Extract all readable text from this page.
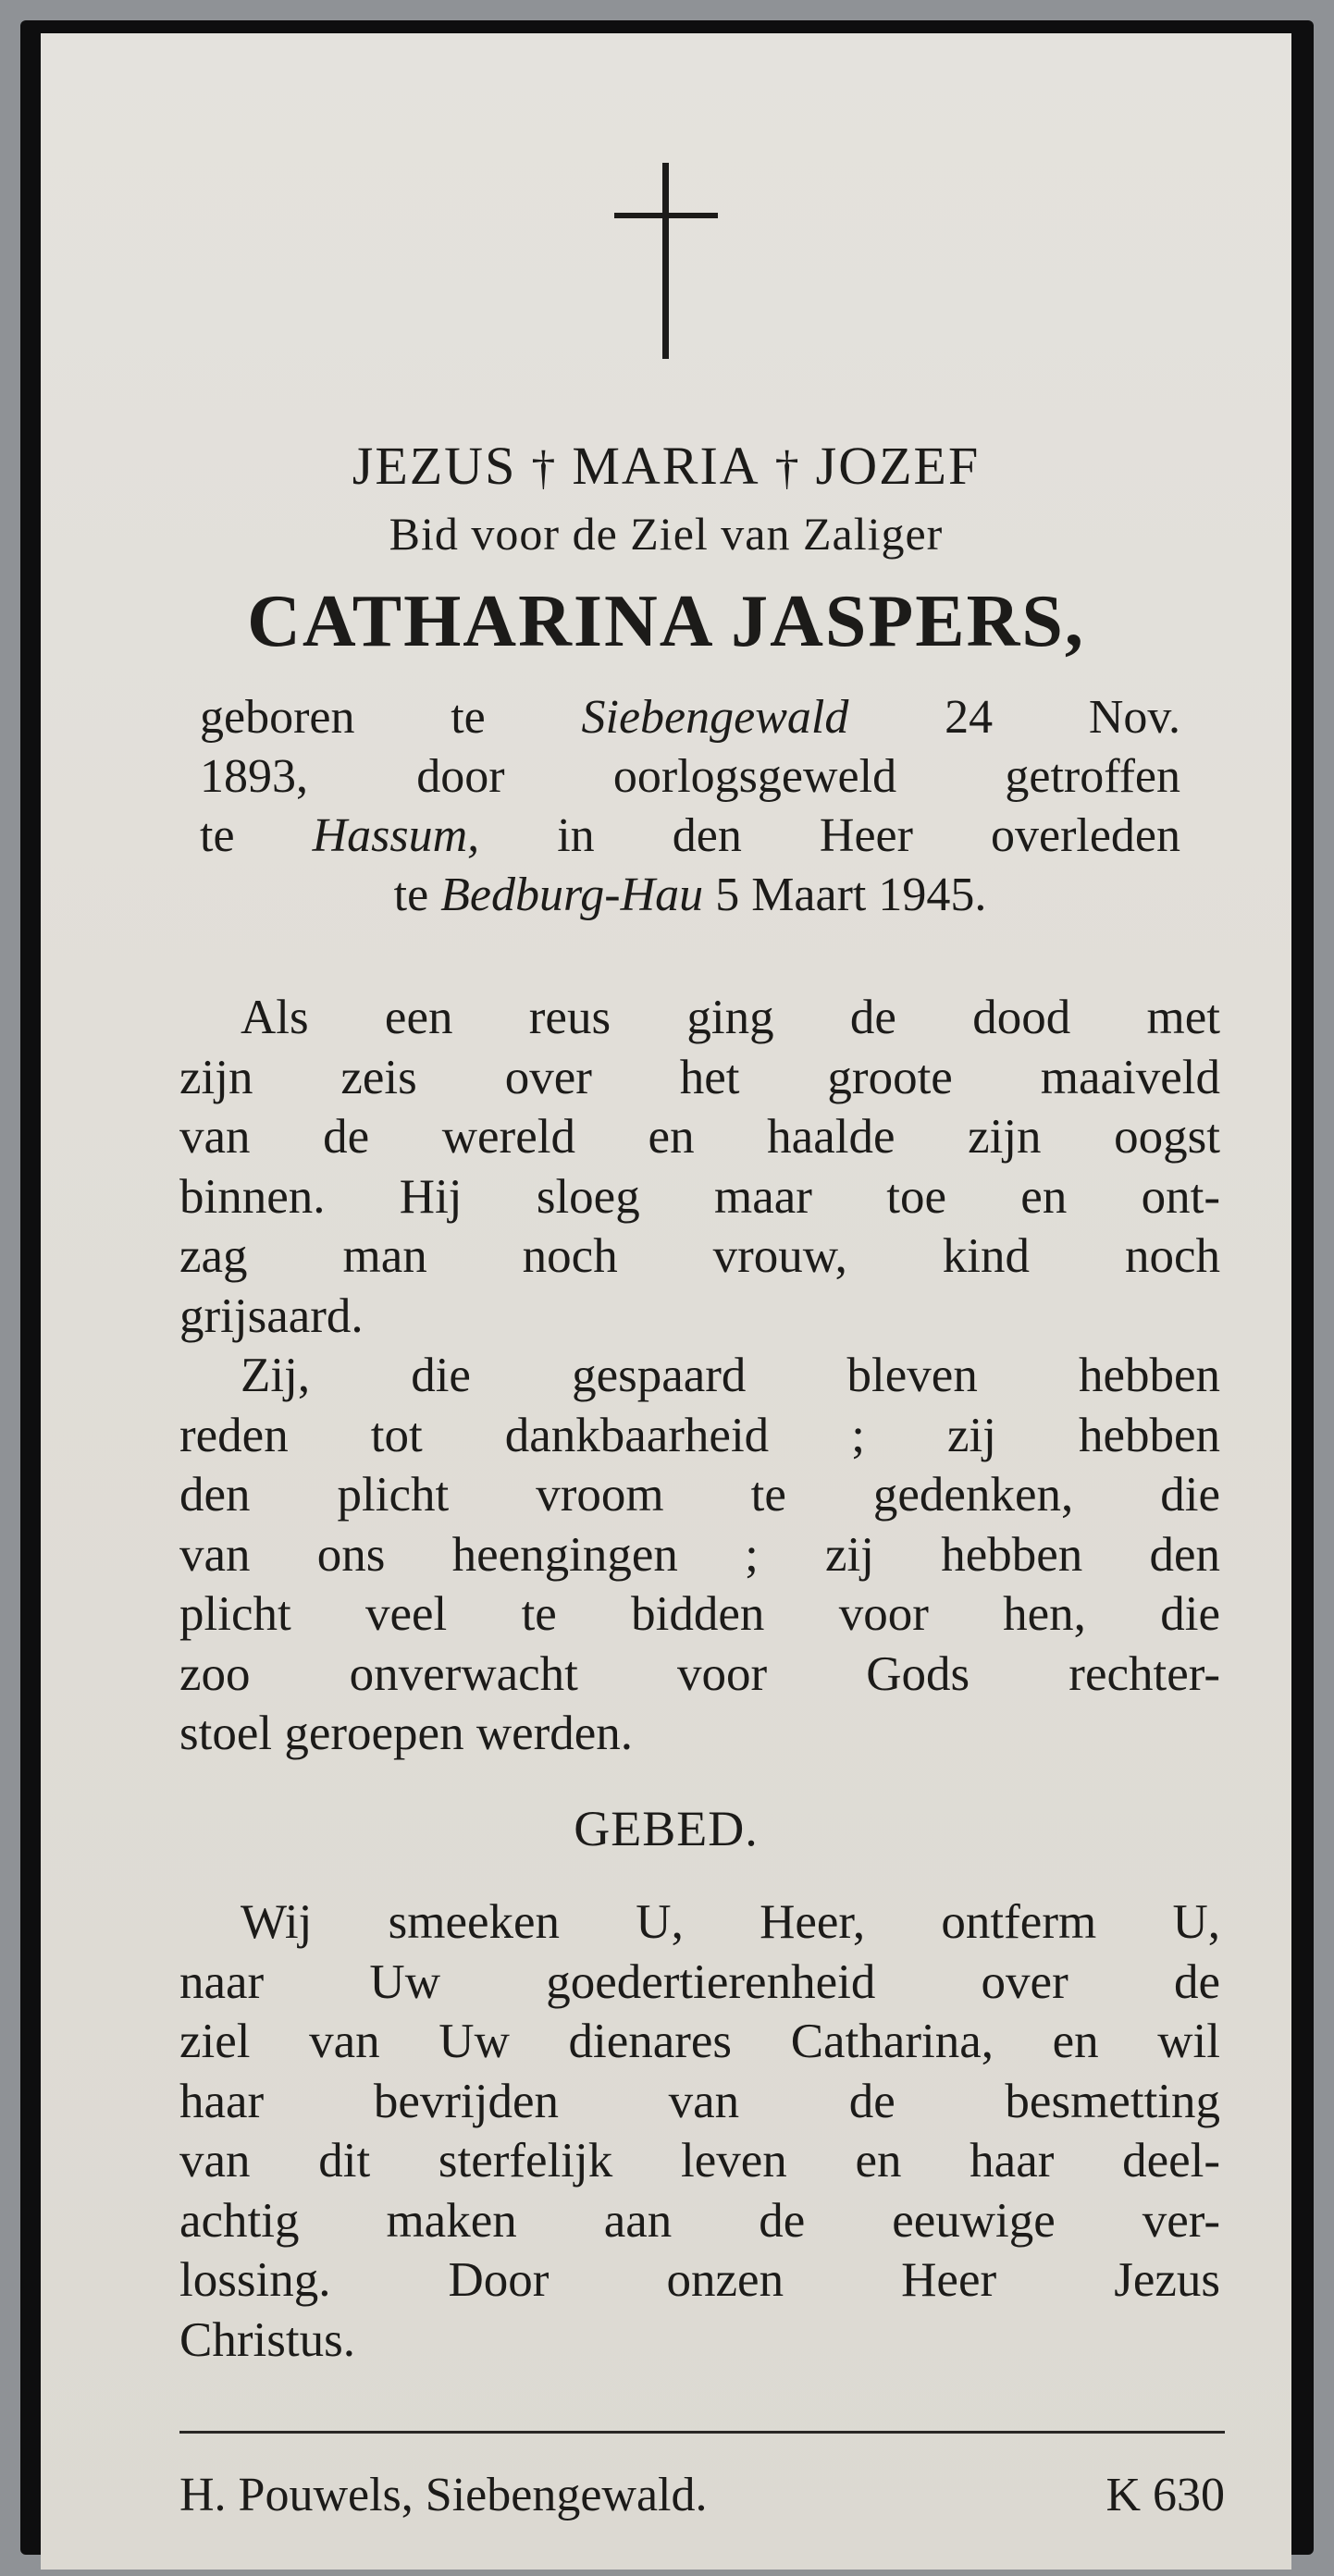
JEZUS † MARIA † JOZEF
Bid voor de Ziel van Zaliger
CATHARINA JASPERS,
geboren te Siebengewald 24 Nov.
1893, door oorlogsgeweld getroffen
te Hassum, in den Heer overleden
te Bedburg-Hau 5 Maart 1945.
Als een reus ging de dood met
zijn zeis over het groote maaiveld
van de wereld en haalde zijn oogst
binnen. Hij sloeg maar toe en ont-
zag man noch vrouw, kind noch
grijsaard.
Zij, die gespaard bleven hebben
reden tot dankbaarheid ; zij hebben
den plicht vroom te gedenken, die
van ons heengingen ; zij hebben den
plicht veel te bidden voor hen, die
zoo onverwacht voor Gods rechter-
stoel geroepen werden.
GEBED.
Wij smeeken U, Heer, ontferm U,
naar Uw goedertierenheid over de
ziel van Uw dienares Catharina, en wil
haar bevrijden van de besmetting
van dit sterfelijk leven en haar deel-
achtig maken aan de eeuwige ver-
lossing. Door onzen Heer Jezus
Christus.
H. Pouwels, Siebengewald.	K 630
